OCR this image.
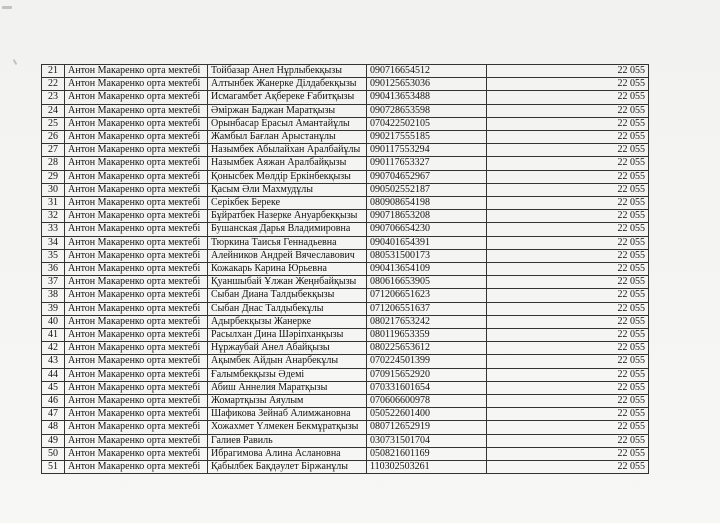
21	Антон Макаренко орта мектебі	Тойбазар Анел Нұрлыбекқызы	090716654512	22 055
22	Антон Макаренко орта мектебі	Алтынбек Жанерке Ділдабекқызы	090125653036	22 055
23	Антон Макаренко орта мектебі	Исмагамбет Ақбереке Ғабитқызы	090413653488	22 055
24	Антон Макаренко орта мектебі	Әміржан Баджан Маратқызы	090728653598	22 055
25	Антон Макаренко орта мектебі	Орынбасар Ерасыл Амантайұлы	070422502105	22 055
26	Антон Макаренко орта мектебі	Жамбыл Бағлан Арыстанұлы	090217555185	22 055
27	Антон Макаренко орта мектебі	Назымбек Абылайхан Аралбайұлы	090117553294	22 055
28	Антон Макаренко орта мектебі	Назымбек Аяжан Аралбайқызы	090117653327	22 055
29	Антон Макаренко орта мектебі	Қонысбек Мөлдір Еркінбекқызы	090704652967	22 055
30	Антон Макаренко орта мектебі	Қасым Әли Махмудұлы	090502552187	22 055
31	Антон Макаренко орта мектебі	Серікбек Береке	080908654198	22 055
32	Антон Макаренко орта мектебі	Бұйратбек Назерке Ануарбекқызы	090718653208	22 055
33	Антон Макаренко орта мектебі	Бушанская Дарья Владимировна	090706654230	22 055
34	Антон Макаренко орта мектебі	Тюркина Таисья Геннадьевна	090401654391	22 055
35	Антон Макаренко орта мектебі	Алейников Андрей Вячеславович	080531500173	22 055
36	Антон Макаренко орта мектебі	Кожакарь Карина Юрьевна	090413654109	22 055
37	Антон Макаренко орта мектебі	Қуаншыбай Ұлжан Жеңнбайқызы	080616653905	22 055
38	Антон Макаренко орта мектебі	Сыбан Диана Талдыбекқызы	071206651623	22 055
39	Антон Макаренко орта мектебі	Сыбан Днас Талдыбекұлы	071206551637	22 055
40	Антон Макаренко орта мектебі	Адырбекқызы Жанерке	080217653242	22 055
41	Антон Макаренко орта мектебі	Расылхан Дина Шәріпханқызы	080119653359	22 055
42	Антон Макаренко орта мектебі	Нұржаубай Анел Абайқызы	080225653612	22 055
43	Антон Макаренко орта мектебі	Ақымбек Айдын Анарбекұлы	070224501399	22 055
44	Антон Макаренко орта мектебі	Ғалымбекқызы Әдемі	070915652920	22 055
45	Антон Макаренко орта мектебі	Абиш Аннелия Маратқызы	070331601654	22 055
46	Антон Макаренко орта мектебі	Жомартқызы Аяулым	070606600978	22 055
47	Антон Макаренко орта мектебі	Шафикова Зейнаб Алимжановна	050522601400	22 055
48	Антон Макаренко орта мектебі	Хожахмет Үлмекен Бекмұратқызы	080712652919	22 055
49	Антон Макаренко орта мектебі	Галиев Равиль	030731501704	22 055
50	Антон Макаренко орта мектебі	Ибрагимова Алина Аслановна	050821601169	22 055
51	Антон Макаренко орта мектебі	Қабылбек Бақдәулет Біржанұлы	110302503261	22 055
